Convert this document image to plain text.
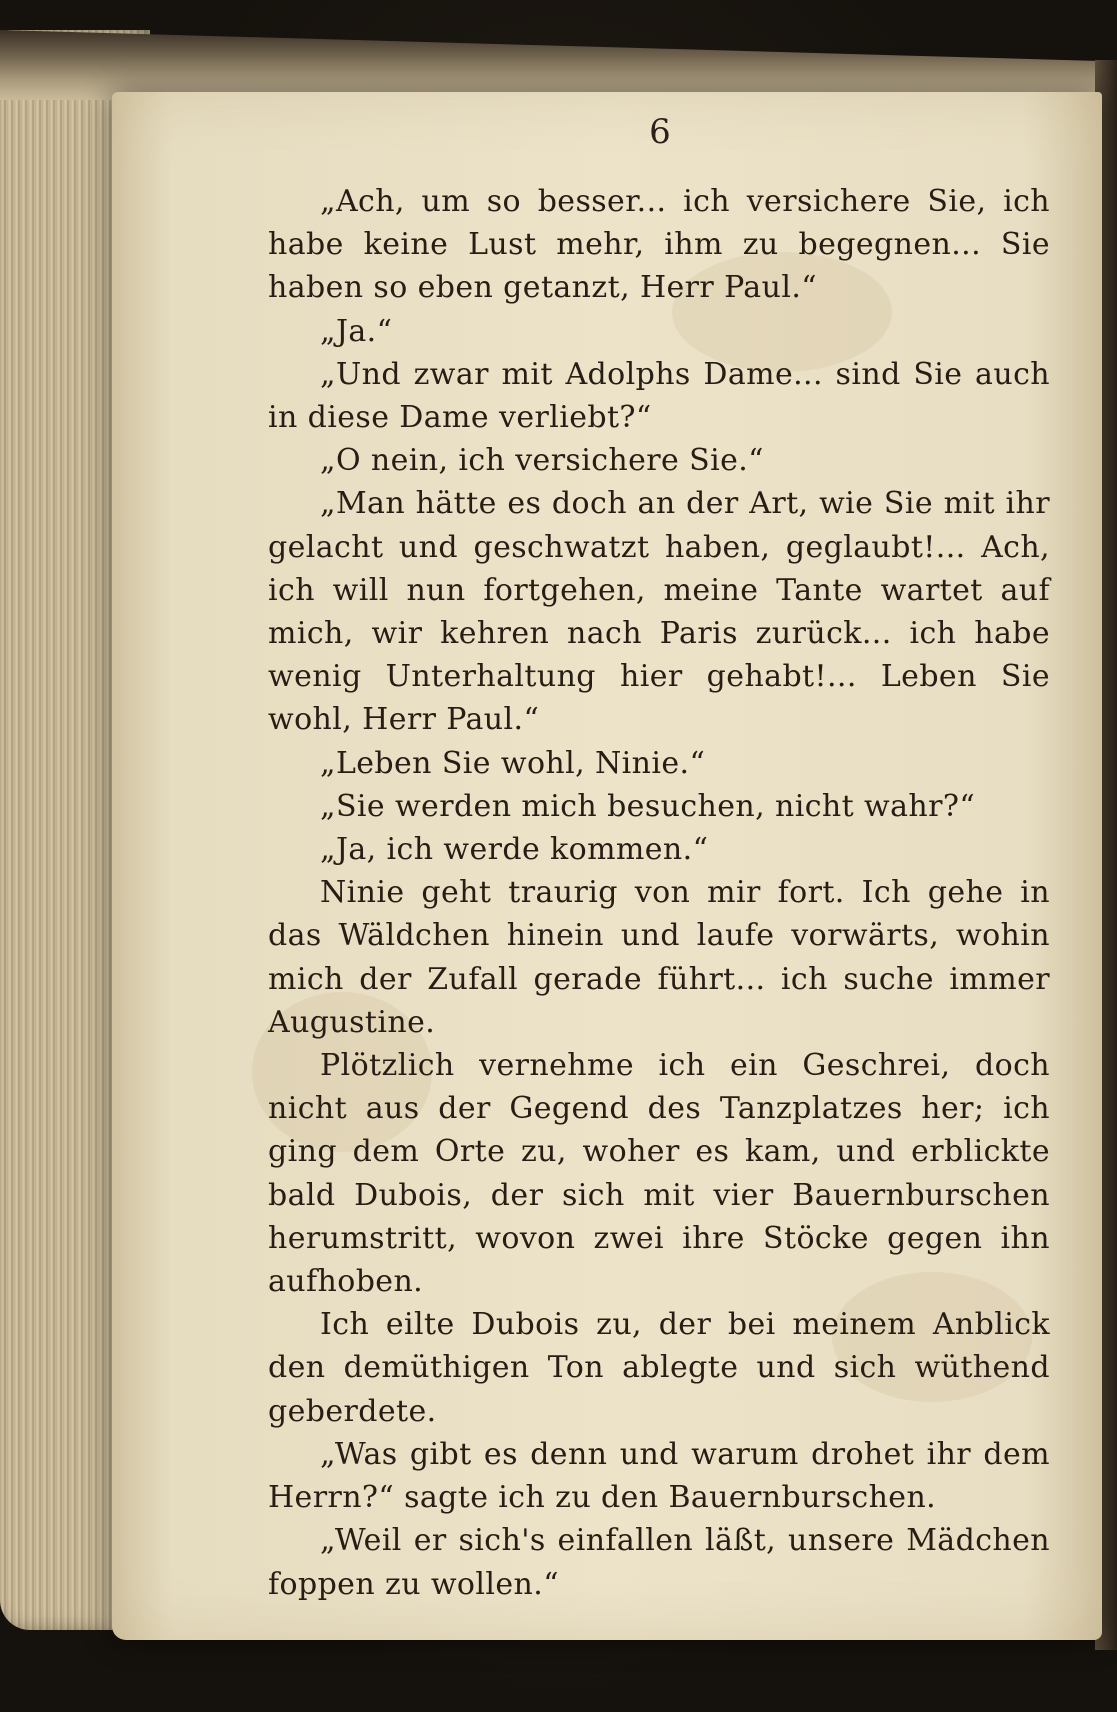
6

„Ach, um so besser... ich versichere Sie, ich habe keine Lust mehr, ihm zu begegnen... Sie haben so eben getanzt, Herr Paul.“

„Ja.“

„Und zwar mit Adolphs Dame... sind Sie auch in diese Dame verliebt?“

„O nein, ich versichere Sie.“

„Man hätte es doch an der Art, wie Sie mit ihr gelacht und geschwatzt haben, geglaubt!... Ach, ich will nun fortgehen, meine Tante wartet auf mich, wir kehren nach Paris zurück... ich habe wenig Unterhaltung hier gehabt!... Leben Sie wohl, Herr Paul.“

„Leben Sie wohl, Ninie.“

„Sie werden mich besuchen, nicht wahr?“

„Ja, ich werde kommen.“

Ninie geht traurig von mir fort. Ich gehe in das Wäldchen hinein und laufe vorwärts, wohin mich der Zufall gerade führt... ich suche immer Augustine.

Plötzlich vernehme ich ein Geschrei, doch nicht aus der Gegend des Tanzplatzes her; ich ging dem Orte zu, woher es kam, und erblickte bald Dubois, der sich mit vier Bauernburschen herumstritt, wovon zwei ihre Stöcke gegen ihn aufhoben.

Ich eilte Dubois zu, der bei meinem Anblick den demüthigen Ton ablegte und sich wüthend geberdete.

„Was gibt es denn und warum drohet ihr dem Herrn?“ sagte ich zu den Bauernburschen.

„Weil er sich's einfallen läßt, unsere Mädchen foppen zu wollen.“
